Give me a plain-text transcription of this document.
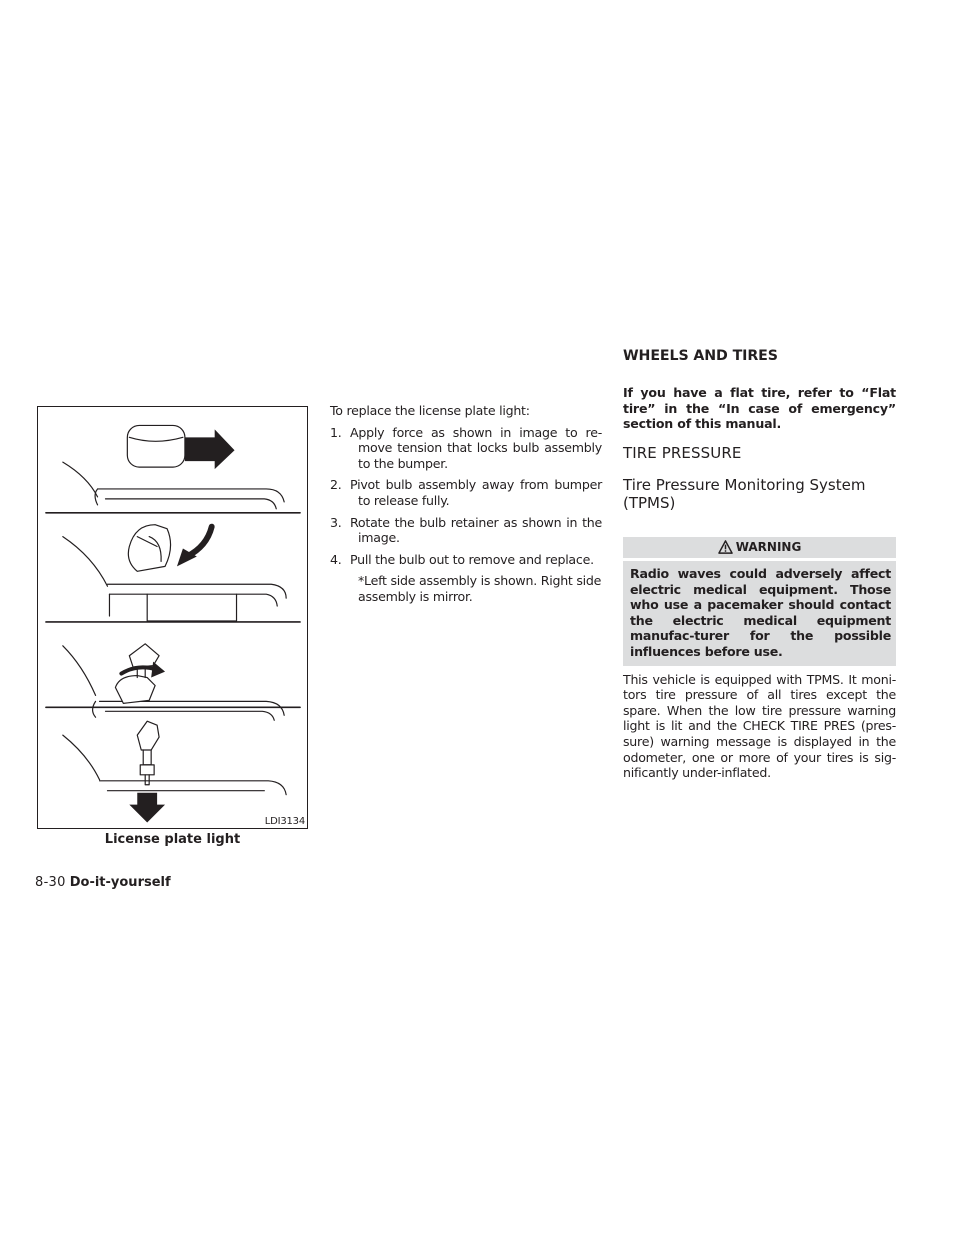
LDI3134
License plate light

To replace the license plate light:

1. Apply force as shown in image to re-move tension that locks bulb assembly to the bumper.

2. Pivot bulb assembly away from bumper to release fully.

3. Rotate the bulb retainer as shown in the image.

4. Pull the bulb out to remove and replace.

*Left side assembly is shown. Right side assembly is mirror.

WHEELS AND TIRES

If you have a flat tire, refer to “Flat tire” in the “In case of emergency” section of this manual.

TIRE PRESSURE
Tire Pressure Monitoring System (TPMS)
WARNING
Radio waves could adversely affect electric medical equipment. Those who use a pacemaker should contact the electric medical equipment manufac-turer for the possible influences before use.

This vehicle is equipped with TPMS. It moni-tors tire pressure of all tires except the spare. When the low tire pressure warning light is lit and the CHECK TIRE PRES (pres-sure) warning message is displayed in the odometer, one or more of your tires is sig-nificantly under-inflated.

8-30 Do-it-yourself
